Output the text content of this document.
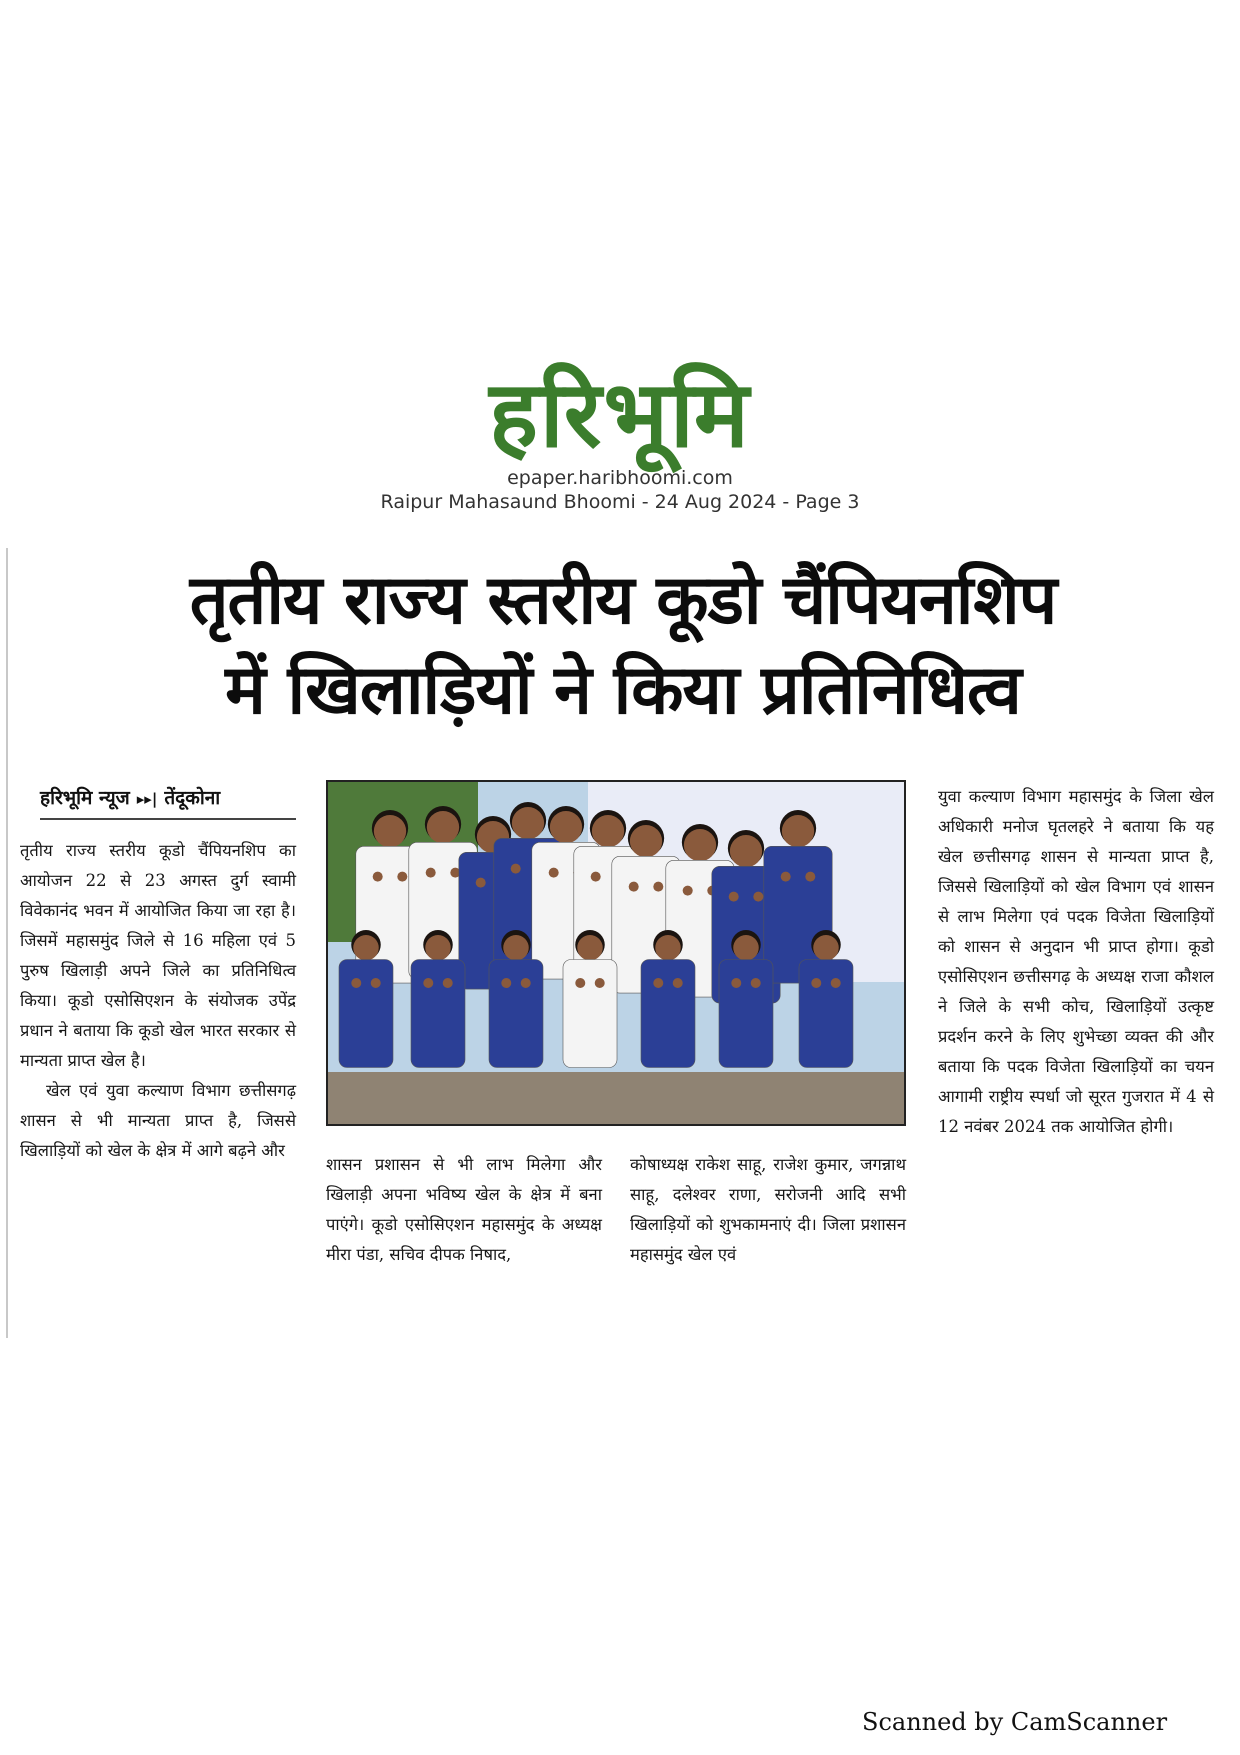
हरिभूमि
epaper.haribhoomi.com
Raipur Mahasaund Bhoomi - 24 Aug 2024 - Page 3
तृतीय राज्य स्तरीय कूडो चैंपियनशिप
में खिलाड़ियों ने किया प्रतिनिधित्व
हरिभूमि न्यूज ▸▸| तेंदूकोना

तृतीय राज्य स्तरीय कूडो चैंपियनशिप का आयोजन 22 से 23 अगस्त दुर्ग स्वामी विवेकानंद भवन में आयोजित किया जा रहा है। जिसमें महासमुंद जिले से 16 महिला एवं 5 पुरुष खिलाड़ी अपने जिले का प्रतिनिधित्व किया। कूडो एसोसिएशन के संयोजक उपेंद्र प्रधान ने बताया कि कूडो खेल भारत सरकार से मान्यता प्राप्त खेल है।

खेल एवं युवा कल्याण विभाग छत्तीसगढ़ शासन से भी मान्यता प्राप्त है, जिससे खिलाड़ियों को खेल के क्षेत्र में आगे बढ़ने और

शासन प्रशासन से भी लाभ मिलेगा और खिलाड़ी अपना भविष्य खेल के क्षेत्र में बना पाएंगे। कूडो एसोसिएशन महासमुंद के अध्यक्ष मीरा पंडा, सचिव दीपक निषाद,

कोषाध्यक्ष राकेश साहू, राजेश कुमार, जगन्नाथ साहू, दलेश्वर राणा, सरोजनी आदि सभी खिलाड़ियों को शुभकामनाएं दी। जिला प्रशासन महासमुंद खेल एवं

युवा कल्याण विभाग महासमुंद के जिला खेल अधिकारी मनोज घृतलहरे ने बताया कि यह खेल छत्तीसगढ़ शासन से मान्यता प्राप्त है, जिससे खिलाड़ियों को खेल विभाग एवं शासन से लाभ मिलेगा एवं पदक विजेता खिलाड़ियों को शासन से अनुदान भी प्राप्त होगा। कूडो एसोसिएशन छत्तीसगढ़ के अध्यक्ष राजा कौशल ने जिले के सभी कोच, खिलाड़ियों उत्कृष्ट प्रदर्शन करने के लिए शुभेच्छा व्यक्त की और बताया कि पदक विजेता खिलाड़ियों का चयन आगामी राष्ट्रीय स्पर्धा जो सूरत गुजरात में 4 से 12 नवंबर 2024 तक आयोजित होगी।

Scanned by CamScanner
